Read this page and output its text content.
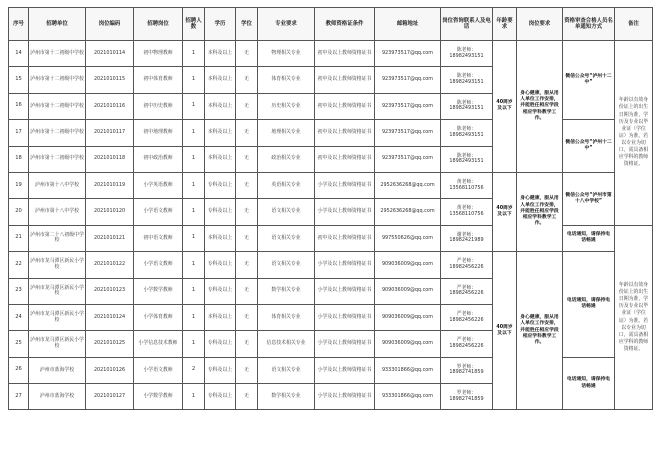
序号	招聘单位	岗位编码	招聘岗位	招聘人数	学历	学位	专业要求	教师资格证条件	邮箱地址	岗位咨询联系人及电话	年龄要求	岗位要求	资格审查合格人员名单通知方式	备注
14	泸州市第十二初级中学校	2021010114	初中物理教师	1	本科及以上	无	物理相关专业	初中及以上教师资格证书	923973517@qq.com	陈老师：18982493151	40周岁及以下	身心健康，服从用人单位工作安排，并能胜任相应学段相应学科教学工作。	微信公众号“泸州十二中”	年龄以有效身份证上的出生日期为准，学历及专业以毕业证（学位证）为准。若以专业为切口，需具备相应学科的教师资格证。
15	泸州市第十二初级中学校	2021010115	初中体育教师	1	本科及以上	无	体育相关专业	初中及以上教师资格证书	923973517@qq.com	陈老师：18982493151				
16	泸州市第十二初级中学校	2021010116	初中历史教师	1	本科及以上	无	历史相关专业	初中及以上教师资格证书	923973517@qq.com	陈老师：18982493151				
17	泸州市第十二初级中学校	2021010117	初中地理教师	1	本科及以上	无	地理相关专业	初中及以上教师资格证书	923973517@qq.com	陈老师：18982493151			微信公众号“泸州十二中”	
18	泸州市第十二初级中学校	2021010118	初中政治教师	1	本科及以上	无	政治相关专业	初中及以上教师资格证书	923973517@qq.com	陈老师：18982493151				
19	泸州市第十八中学校	2021010119	小学英语教师	1	专科及以上	无	英语相关专业	小学及以上教师资格证书	2952636268@qq.com	黄老师：13568110756	40周岁及以下	身心健康，服从用人单位工作安排，并能胜任相应学段相应学科教学工作。	微信公众号“泸州市第十八中学校”	
20	泸州市第十八中学校	2021010120	小学语文教师	1	专科及以上	无	语文相关专业	小学及以上教师资格证书	2952636268@qq.com	黄老师：13568110756				
21	泸州市第二十八初级中学校	2021010121	初中语文教师	1	本科及以上	无	语文相关专业	初中及以上教师资格证书	997550626@qq.com	谢老师：18982421989			电话通知，请保持电话畅通	年龄以有效身份证上的出生日期为准，学历及专业以毕业证（学位证）为准。若以专业为切口，需具备相应学科的教师资格证。
22	泸州市龙马潭区新民小学校	2021010122	小学语文教师	1	专科及以上	无	语文相关专业	小学及以上教师资格证书	909036009@qq.com	严老师：18982456226	40周岁及以下	身心健康，服从用人单位工作安排，并能胜任相应学段相应学科教学工作。	电话通知，请保持电话畅通	
23	泸州市龙马潭区新民小学校	2021010123	小学数学教师	1	专科及以上	无	数学相关专业	小学及以上教师资格证书	909036009@qq.com	严老师：18982456226				
24	泸州市龙马潭区新民小学校	2021010124	小学体育教师	1	本科及以上	无	体育相关专业	小学及以上教师资格证书	909036009@qq.com	严老师：18982456226				
25	泸州市龙马潭区新民小学校	2021010125	小学信息技术教师	1	专科及以上	无	信息技术相关专业	小学及以上教师资格证书	909036009@qq.com	严老师：18982456226				
26	泸州市蓝海学校	2021010126	小学语文教师	2	专科及以上	无	语文相关专业	小学及以上教师资格证书	933301866@qq.com	罗老师：18982741859			电话通知，请保持电话畅通	
27	泸州市蓝海学校	2021010127	小学数学教师	1	专科及以上	无	数学相关专业	小学及以上教师资格证书	933301866@qq.com	罗老师：18982741859				
